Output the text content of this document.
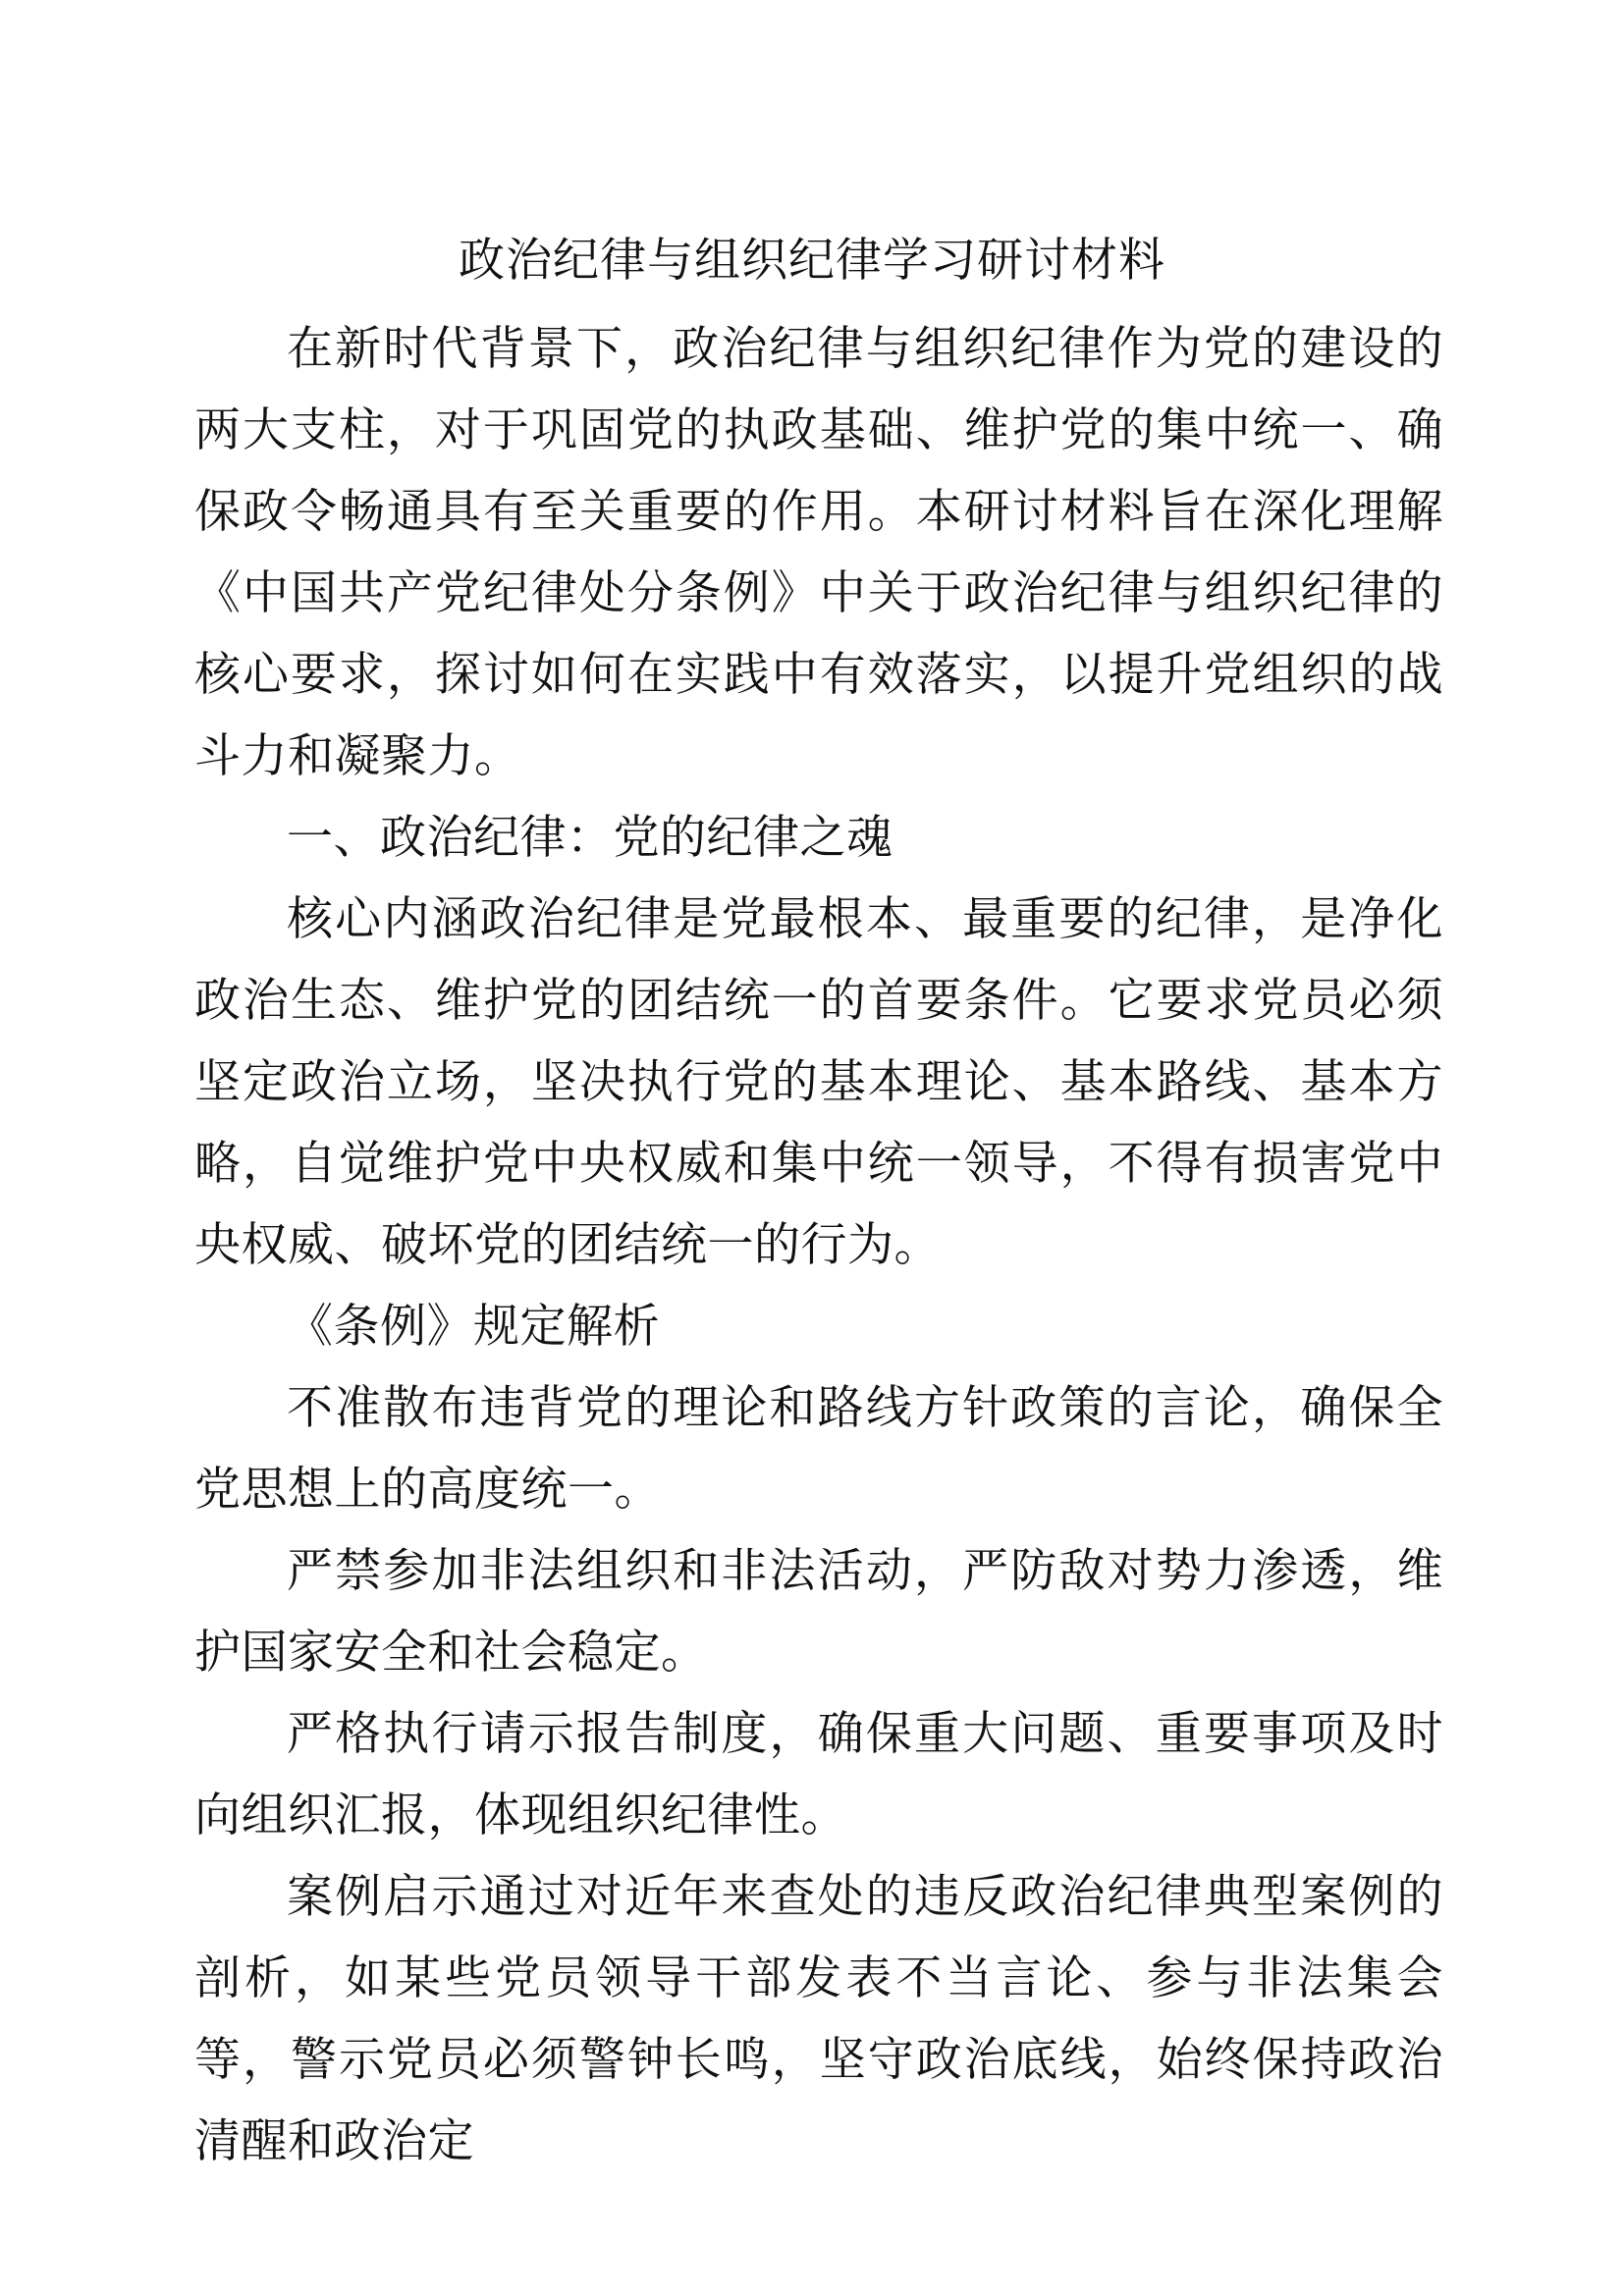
政治纪律与组织纪律学习研讨材料

在新时代背景下，政治纪律与组织纪律作为党的建设的两大支柱，对于巩固党的执政基础、维护党的集中统一、确保政令畅通具有至关重要的作用。本研讨材料旨在深化理解《中国共产党纪律处分条例》中关于政治纪律与组织纪律的核心要求，探讨如何在实践中有效落实，以提升党组织的战斗力和凝聚力。

一、政治纪律：党的纪律之魂

核心内涵政治纪律是党最根本、最重要的纪律，是净化政治生态、维护党的团结统一的首要条件。它要求党员必须坚定政治立场，坚决执行党的基本理论、基本路线、基本方略，自觉维护党中央权威和集中统一领导，不得有损害党中央权威、破坏党的团结统一的行为。

《条例》规定解析

不准散布违背党的理论和路线方针政策的言论，确保全党思想上的高度统一。

严禁参加非法组织和非法活动，严防敌对势力渗透，维护国家安全和社会稳定。

严格执行请示报告制度，确保重大问题、重要事项及时向组织汇报，体现组织纪律性。

案例启示通过对近年来查处的违反政治纪律典型案例的剖析，如某些党员领导干部发表不当言论、参与非法集会等，警示党员必须警钟长鸣，坚守政治底线，始终保持政治清醒和政治定
